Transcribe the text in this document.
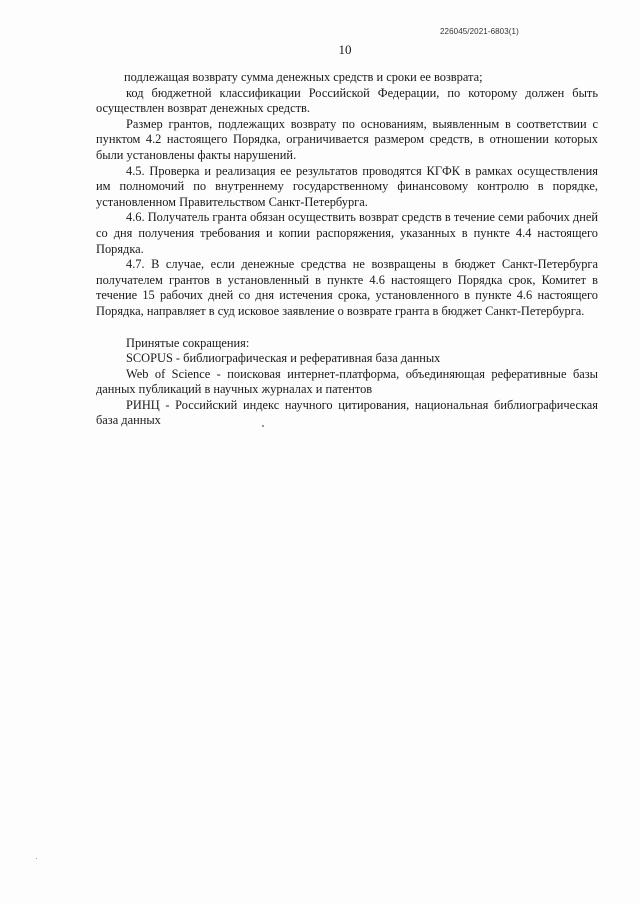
226045/2021-6803(1)
10

подлежащая возврату сумма денежных средств и сроки ее возврата;

код бюджетной классификации Российской Федерации, по которому должен быть осуществлен возврат денежных средств.

Размер грантов, подлежащих возврату по основаниям, выявленным в соответствии с пунктом 4.2 настоящего Порядка, ограничивается размером средств, в отношении которых были установлены факты нарушений.

4.5. Проверка и реализация ее результатов проводятся КГФК в рамках осуществления им полномочий по внутреннему государственному финансовому контролю в порядке, установленном Правительством Санкт-Петербурга.

4.6. Получатель гранта обязан осуществить возврат средств в течение семи рабочих дней со дня получения требования и копии распоряжения, указанных в пункте 4.4 настоящего Порядка.

4.7. В случае, если денежные средства не возвращены в бюджет Санкт-Петербурга получателем грантов в установленный в пункте 4.6 настоящего Порядка срок, Комитет в течение 15 рабочих дней со дня истечения срока, установленного в пункте 4.6 настоящего Порядка, направляет в суд исковое заявление о возврате гранта в бюджет Санкт-Петербурга.

Принятые сокращения:

SCOPUS - библиографическая и реферативная база данных

Web of Science - поисковая интернет-платформа, объединяющая реферативные базы данных публикаций в научных журналах и патентов

РИНЦ - Российский индекс научного цитирования, национальная библиографическая база данных
